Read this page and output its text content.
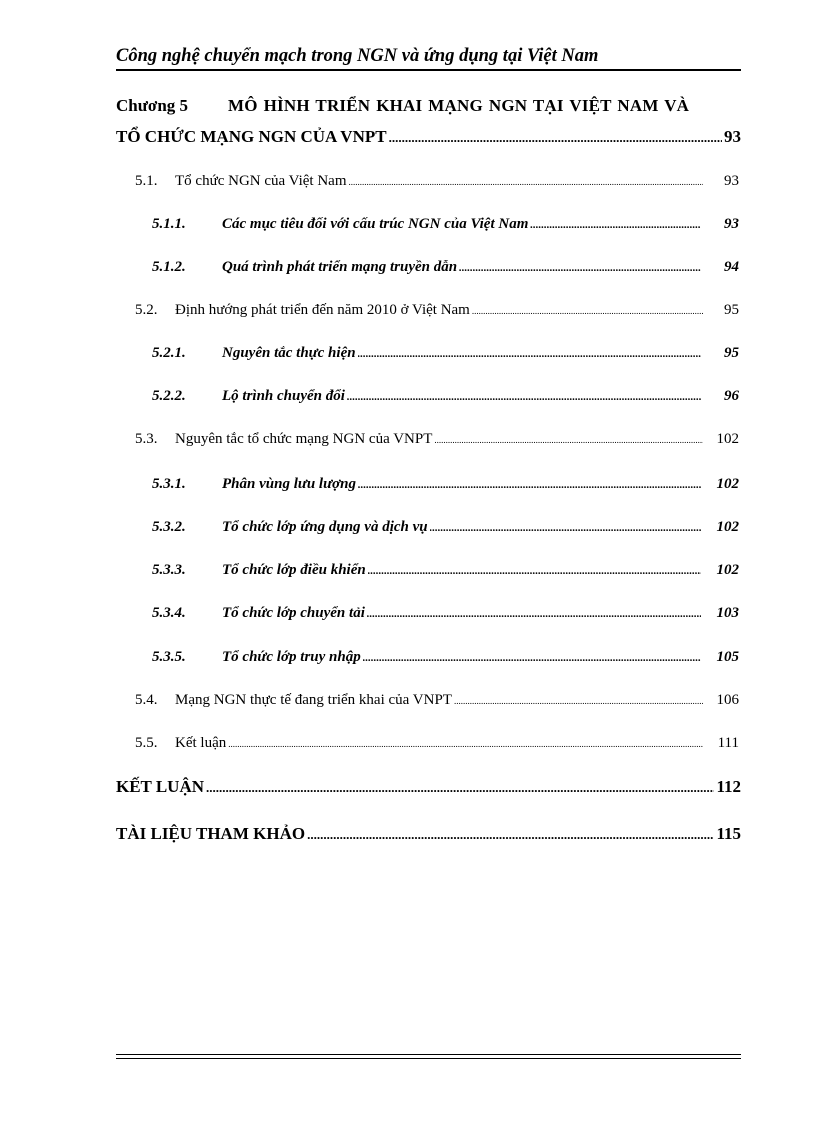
Công nghệ chuyển mạch trong NGN và ứng dụng tại Việt Nam
Chương 5 MÔ HÌNH TRIỂN KHAI MẠNG NGN TẠI VIỆT NAM VÀ
TỔ CHỨC MẠNG NGN CỦA VNPT .....	93
5.1.	Tổ chức NGN của Việt Nam .....	93
5.1.1.	Các mục tiêu đối với cấu trúc NGN của Việt Nam .....	93
5.1.2.	Quá trình phát triển mạng truyền dẫn .....	94
5.2.	Định hướng phát triển đến năm 2010 ở Việt Nam .....	95
5.2.1.	Nguyên tắc thực hiện .....	95
5.2.2.	Lộ trình chuyển đổi .....	96
5.3.	Nguyên tắc tổ chức mạng NGN của VNPT .....	102
5.3.1.	Phân vùng lưu lượng .....	102
5.3.2.	Tổ chức lớp ứng dụng và dịch vụ .....	102
5.3.3.	Tổ chức lớp điều khiển .....	102
5.3.4.	Tổ chức lớp chuyển tải .....	103
5.3.5.	Tổ chức lớp truy nhập .....	105
5.4.	Mạng NGN thực tế đang triển khai của VNPT .....	106
5.5.	Kết luận .....	111
KẾT LUẬN .....	112
TÀI LIỆU THAM KHẢO .....	115
